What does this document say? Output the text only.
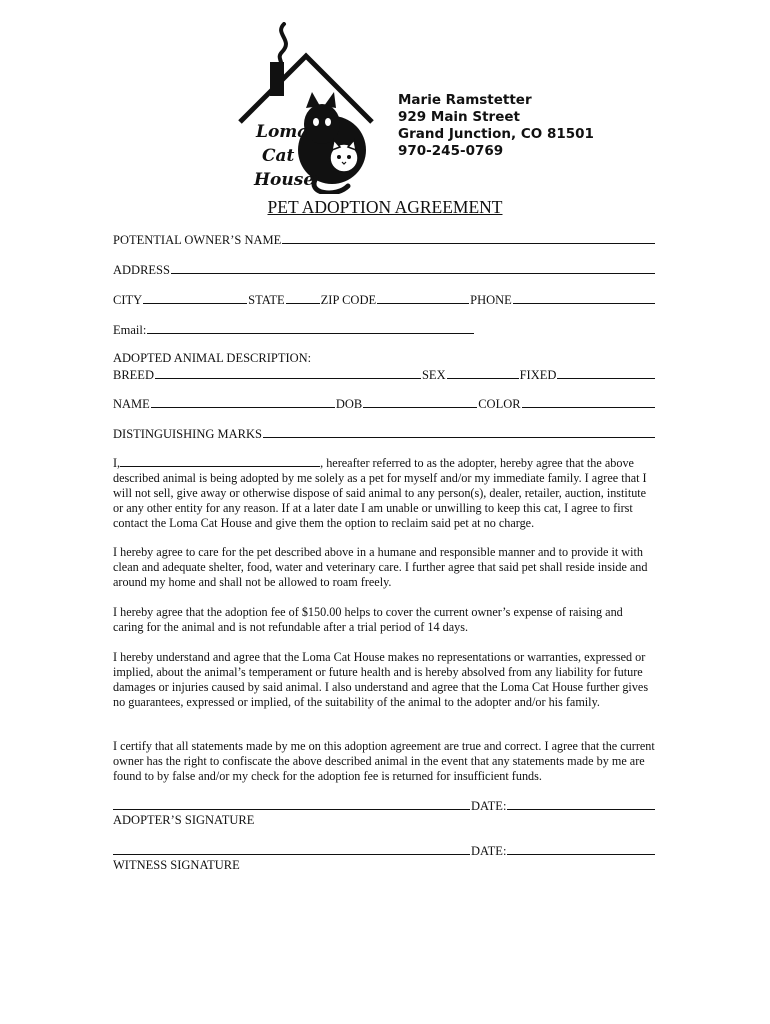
Loma
Cat
House
Marie Ramstetter
929 Main Street
Grand Junction, CO 81501
970-245-0769
PET ADOPTION AGREEMENT
POTENTIAL OWNER’S NAME
ADDRESS
CITY	STATE	ZIP CODE	PHONE
Email:
ADOPTED ANIMAL DESCRIPTION:
BREED	SEX	FIXED
NAME	DOB	COLOR
DISTINGUISHING MARKS
I,	, hereafter referred to as the adopter, hereby agree that the above described animal is being adopted by me solely as a pet for myself and/or my immediate family. I agree that I will not sell, give away or otherwise dispose of said animal to any person(s), dealer, retailer, auction, institute or any other entity for any reason. If at a later date I am unable or unwilling to keep this cat, I agree to first contact the Loma Cat House and give them the option to reclaim said pet at no charge.
I hereby agree to care for the pet described above in a humane and responsible manner and to provide it with clean and adequate shelter, food, water and veterinary care. I further agree that said pet shall reside inside and around my home and shall not be allowed to roam freely.
I hereby agree that the adoption fee of $150.00 helps to cover the current owner’s expense of raising and caring for the animal and is not refundable after a trial period of 14 days.
I hereby understand and agree that the Loma Cat House makes no representations or warranties, expressed or implied, about the animal’s temperament or future health and is hereby absolved from any liability for future damages or injuries caused by said animal. I also understand and agree that the Loma Cat House further gives no guarantees, expressed or implied, of the suitability of the animal to the adopter and/or his family.
I certify that all statements made by me on this adoption agreement are true and correct. I agree that the current owner has the right to confiscate the above described animal in the event that any statements made by me are found to by false and/or my check for the adoption fee is returned for insufficient funds.
DATE:
ADOPTER’S SIGNATURE
DATE:
WITNESS SIGNATURE
